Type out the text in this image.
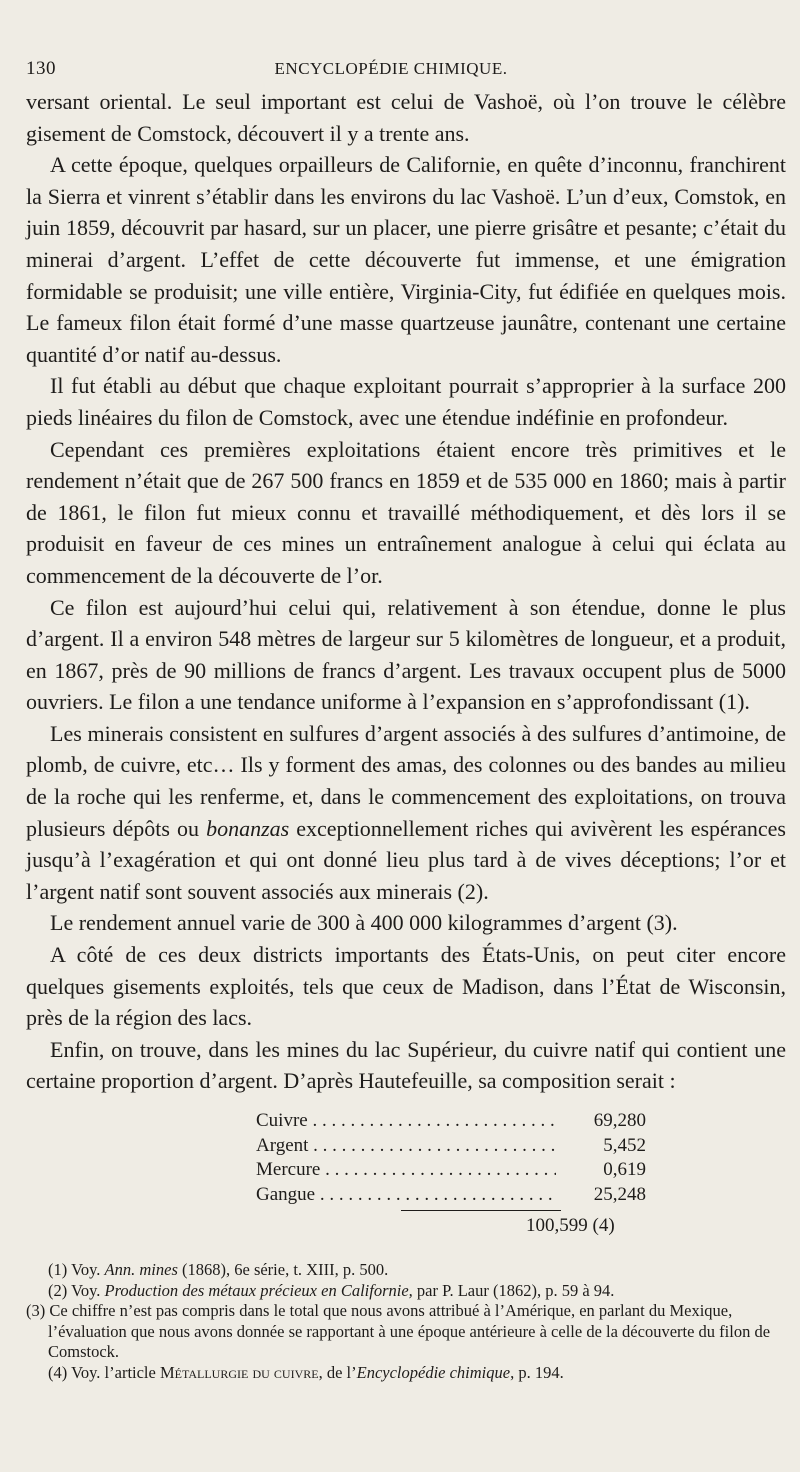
130	ENCYCLOPÉDIE CHIMIQUE.

versant oriental. Le seul important est celui de Vashoë, où l’on trouve le célèbre gisement de Comstock, découvert il y a trente ans.

A cette époque, quelques orpailleurs de Californie, en quête d’inconnu, franchirent la Sierra et vinrent s’établir dans les environs du lac Vashoë. L’un d’eux, Comstok, en juin 1859, découvrit par hasard, sur un placer, une pierre grisâtre et pesante; c’était du minerai d’argent. L’effet de cette découverte fut immense, et une émigration formidable se produisit; une ville entière, Virginia-City, fut édifiée en quelques mois. Le fameux filon était formé d’une masse quartzeuse jaunâtre, contenant une certaine quantité d’or natif au-dessus.

Il fut établi au début que chaque exploitant pourrait s’approprier à la surface 200 pieds linéaires du filon de Comstock, avec une étendue indéfinie en profondeur.

Cependant ces premières exploitations étaient encore très primitives et le rendement n’était que de 267 500 francs en 1859 et de 535 000 en 1860; mais à partir de 1861, le filon fut mieux connu et travaillé méthodiquement, et dès lors il se produisit en faveur de ces mines un entraînement analogue à celui qui éclata au commencement de la découverte de l’or.

Ce filon est aujourd’hui celui qui, relativement à son étendue, donne le plus d’argent. Il a environ 548 mètres de largeur sur 5 kilomètres de longueur, et a produit, en 1867, près de 90 millions de francs d’argent. Les travaux occupent plus de 5000 ouvriers. Le filon a une tendance uniforme à l’expansion en s’approfondissant (1).

Les minerais consistent en sulfures d’argent associés à des sulfures d’antimoine, de plomb, de cuivre, etc… Ils y forment des amas, des colonnes ou des bandes au milieu de la roche qui les renferme, et, dans le commencement des exploitations, on trouva plusieurs dépôts ou bonanzas exceptionnellement riches qui avivèrent les espérances jusqu’à l’exagération et qui ont donné lieu plus tard à de vives déceptions; l’or et l’argent natif sont souvent associés aux minerais (2).

Le rendement annuel varie de 300 à 400 000 kilogrammes d’argent (3).

A côté de ces deux districts importants des États-Unis, on peut citer encore quelques gisements exploités, tels que ceux de Madison, dans l’État de Wisconsin, près de la région des lacs.

Enfin, on trouve, dans les mines du lac Supérieur, du cuivre natif qui contient une certaine proportion d’argent. D’après Hautefeuille, sa composition serait :

Cuivre . . .	69,280
Argent . . .	5,452
Mercure . . .	0,619
Gangue . . .	25,248
100,599 (4)

(1) Voy. Ann. mines (1868), 6e série, t. XIII, p. 500.

(2) Voy. Production des métaux précieux en Californie, par P. Laur (1862), p. 59 à 94.

(3) Ce chiffre n’est pas compris dans le total que nous avons attribué à l’Amérique, en parlant du Mexique, l’évaluation que nous avons donnée se rapportant à une époque antérieure à celle de la découverte du filon de Comstock.

(4) Voy. l’article Métallurgie du cuivre, de l’Encyclopédie chimique, p. 194.
